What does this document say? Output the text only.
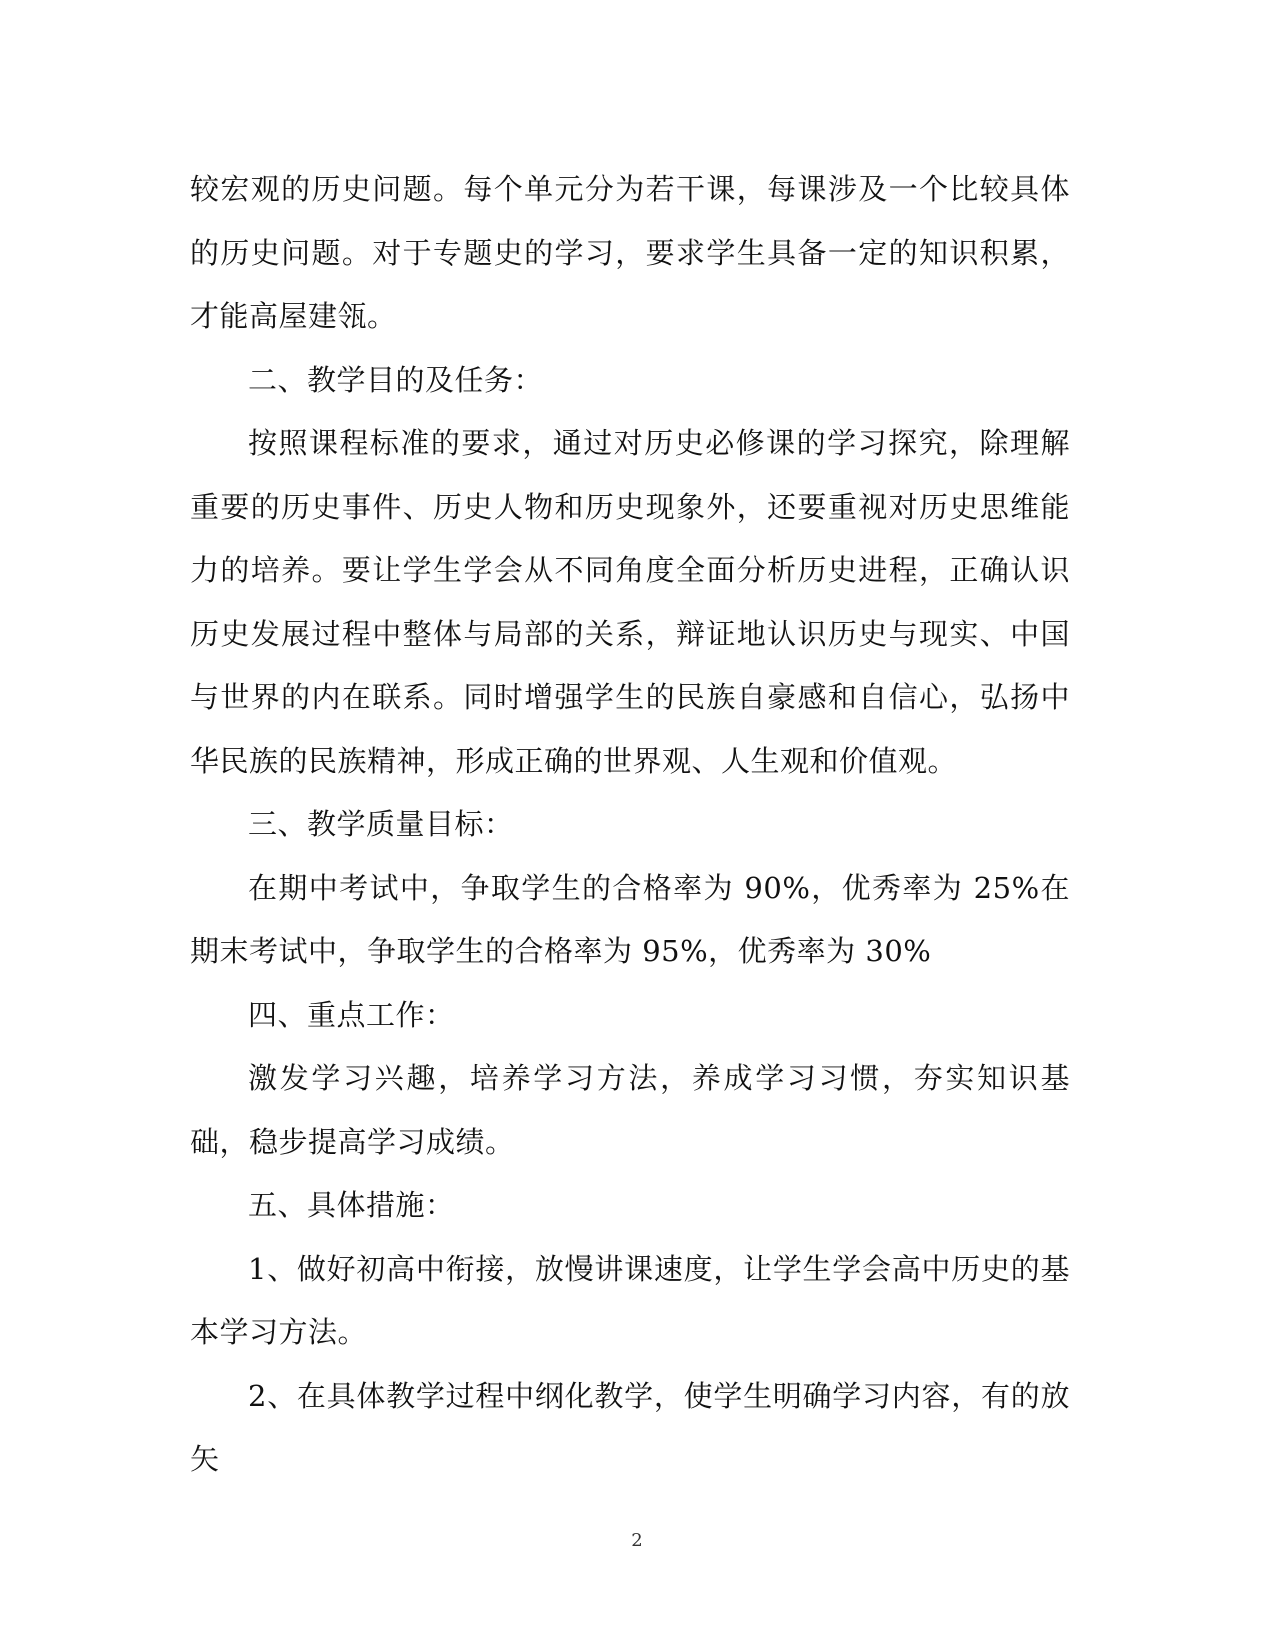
较宏观的历史问题。每个单元分为若干课，每课涉及一个比较具体的历史问题。对于专题史的学习，要求学生具备一定的知识积累，才能高屋建瓴。

二、教学目的及任务：

按照课程标准的要求，通过对历史必修课的学习探究，除理解重要的历史事件、历史人物和历史现象外，还要重视对历史思维能力的培养。要让学生学会从不同角度全面分析历史进程，正确认识历史发展过程中整体与局部的关系，辩证地认识历史与现实、中国与世界的内在联系。同时增强学生的民族自豪感和自信心，弘扬中华民族的民族精神，形成正确的世界观、人生观和价值观。

三、教学质量目标：

在期中考试中，争取学生的合格率为 90%，优秀率为 25%在期末考试中，争取学生的合格率为 95%，优秀率为 30%

四、重点工作：

激发学习兴趣，培养学习方法，养成学习习惯，夯实知识基础，稳步提高学习成绩。

五、具体措施：

1、做好初高中衔接，放慢讲课速度，让学生学会高中历史的基本学习方法。

2、在具体教学过程中纲化教学，使学生明确学习内容，有的放矢

2
